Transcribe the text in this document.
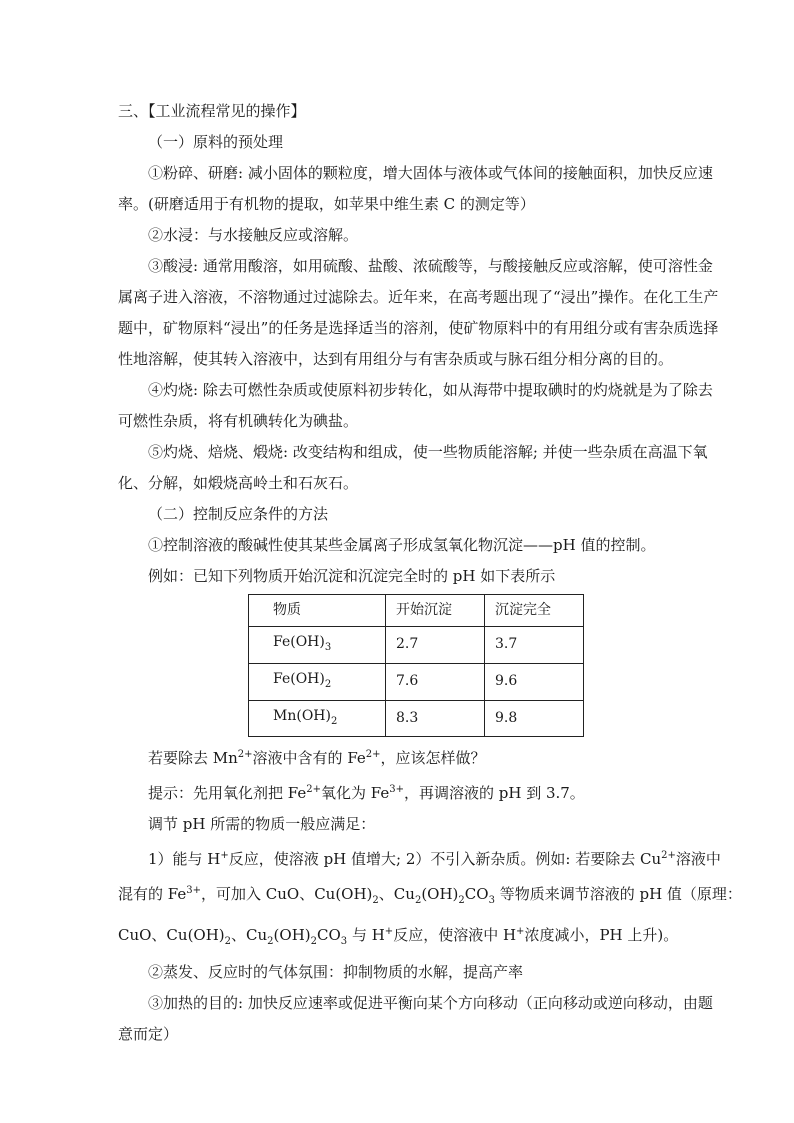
三、【工业流程常见的操作】

（一）原料的预处理

①粉碎、研磨: 减小固体的颗粒度，增大固体与液体或气体间的接触面积，加快反应速

率。(研磨适用于有机物的提取，如苹果中维生素 C 的测定等）

②水浸：与水接触反应或溶解。

③酸浸: 通常用酸溶，如用硫酸、盐酸、浓硫酸等，与酸接触反应或溶解，使可溶性金

属离子进入溶液，不溶物通过过滤除去。近年来，在高考题出现了“浸出”操作。在化工生产

题中，矿物原料“浸出”的任务是选择适当的溶剂，使矿物原料中的有用组分或有害杂质选择

性地溶解，使其转入溶液中，达到有用组分与有害杂质或与脉石组分相分离的目的。

④灼烧: 除去可燃性杂质或使原料初步转化，如从海带中提取碘时的灼烧就是为了除去

可燃性杂质，将有机碘转化为碘盐。

⑤灼烧、焙烧、煅烧: 改变结构和组成，使一些物质能溶解; 并使一些杂质在高温下氧

化、分解，如煅烧高岭土和石灰石。

（二）控制反应条件的方法

①控制溶液的酸碱性使其某些金属离子形成氢氧化物沉淀——pH 值的控制。

例如：已知下列物质开始沉淀和沉淀完全时的 pH 如下表所示

物质	开始沉淀	沉淀完全
$Fe(OH)_3$	2.7	3.7
$Fe(OH)_2$	7.6	9.6
$Mn(OH)_2$	8.3	9.8

若要除去 $Mn^{2+}$溶液中含有的 $Fe^{2+}$，应该怎样做？

提示：先用氧化剂把 $Fe^{2+}$氧化为 $Fe^{3+}$，再调溶液的 pH 到 3.7。

调节 pH 所需的物质一般应满足：

1）能与 H+反应，使溶液 pH 值增大; 2）不引入新杂质。例如: 若要除去 $Cu^{2+}$溶液中

混有的 $Fe^{3+}$，可加入 CuO、$Cu(OH)_2$、$Cu_2(OH)_2CO_3$ 等物质来调节溶液的 pH 值（原理：

CuO、$Cu(OH)_2$、$Cu_2(OH)_2CO_3$ 与 H+反应，使溶液中 H+浓度减小，PH 上升)。

②蒸发、反应时的气体氛围：抑制物质的水解，提高产率

③加热的目的: 加快反应速率或促进平衡向某个方向移动（正向移动或逆向移动，由题

意而定）
